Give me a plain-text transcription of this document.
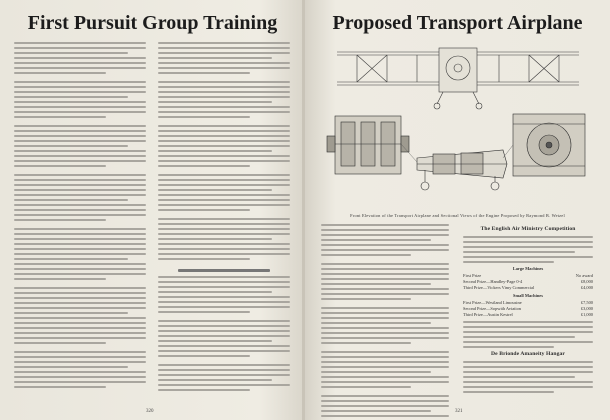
First Pursuit Group Training
320
Proposed Transport Airplane
Front Elevation of the Transport Airplane and Sectional Views of the Engine Proposed by Raymond B. Wetzel
The English Air Ministry Competition
Large Machines
First Prize	No award
Second Prize—Handley-Page 0-4	£8,000
Third Prize—Vickers Vimy Commercial	£4,000
Small Machines
First Prize—Westland Limousine	£7,500
Second Prize—Sopwith Aviation	£3,000
Third Prize—Austin Kestrel	£1,000
De Brionde Amaneity Hangar
321
